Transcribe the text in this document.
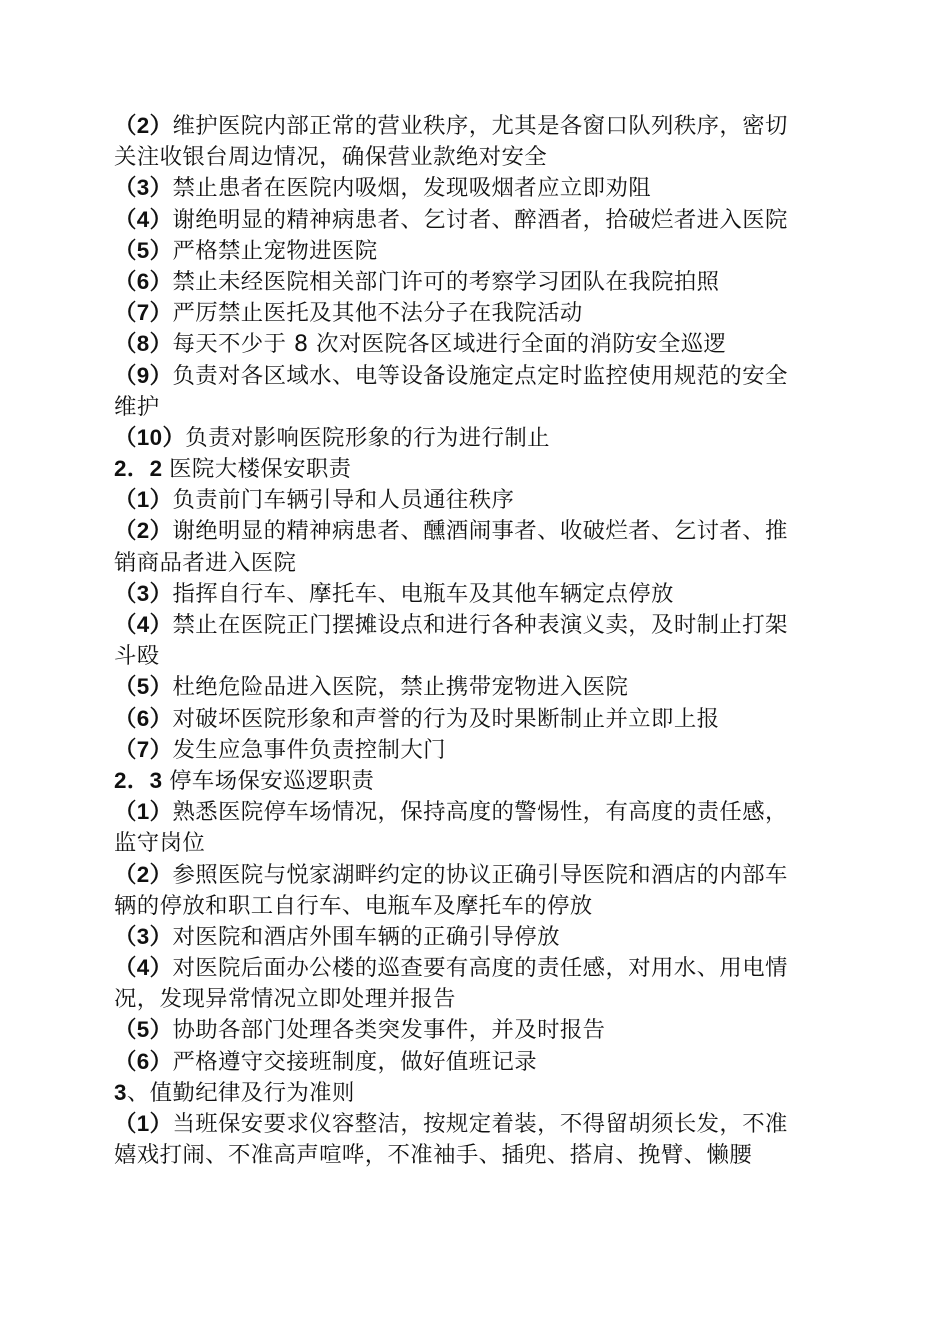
（2）维护医院内部正常的营业秩序，尤其是各窗口队列秩序，密切
关注收银台周边情况，确保营业款绝对安全
（3）禁止患者在医院内吸烟，发现吸烟者应立即劝阻
（4）谢绝明显的精神病患者、乞讨者、醉酒者，拾破烂者进入医院
（5）严格禁止宠物进医院
（6）禁止未经医院相关部门许可的考察学习团队在我院拍照
（7）严厉禁止医托及其他不法分子在我院活动
（8）每天不少于 8 次对医院各区域进行全面的消防安全巡逻
（9）负责对各区域水、电等设备设施定点定时监控使用规范的安全
维护
（10）负责对影响医院形象的行为进行制止
2．2 医院大楼保安职责
（1）负责前门车辆引导和人员通往秩序
（2）谢绝明显的精神病患者、醺酒闹事者、收破烂者、乞讨者、推
销商品者进入医院
（3）指挥自行车、摩托车、电瓶车及其他车辆定点停放
（4）禁止在医院正门摆摊设点和进行各种表演义卖，及时制止打架
斗殴
（5）杜绝危险品进入医院，禁止携带宠物进入医院
（6）对破坏医院形象和声誉的行为及时果断制止并立即上报
（7）发生应急事件负责控制大门
2．3 停车场保安巡逻职责
（1）熟悉医院停车场情况，保持高度的警惕性，有高度的责任感，
监守岗位
（2）参照医院与悦家湖畔约定的协议正确引导医院和酒店的内部车
辆的停放和职工自行车、电瓶车及摩托车的停放
（3）对医院和酒店外围车辆的正确引导停放
（4）对医院后面办公楼的巡查要有高度的责任感，对用水、用电情
况，发现异常情况立即处理并报告
（5）协助各部门处理各类突发事件，并及时报告
（6）严格遵守交接班制度，做好值班记录
3、值勤纪律及行为准则
（1）当班保安要求仪容整洁，按规定着装，不得留胡须长发，不准
嬉戏打闹、不准高声喧哗，不准袖手、插兜、搭肩、挽臂、懒腰
